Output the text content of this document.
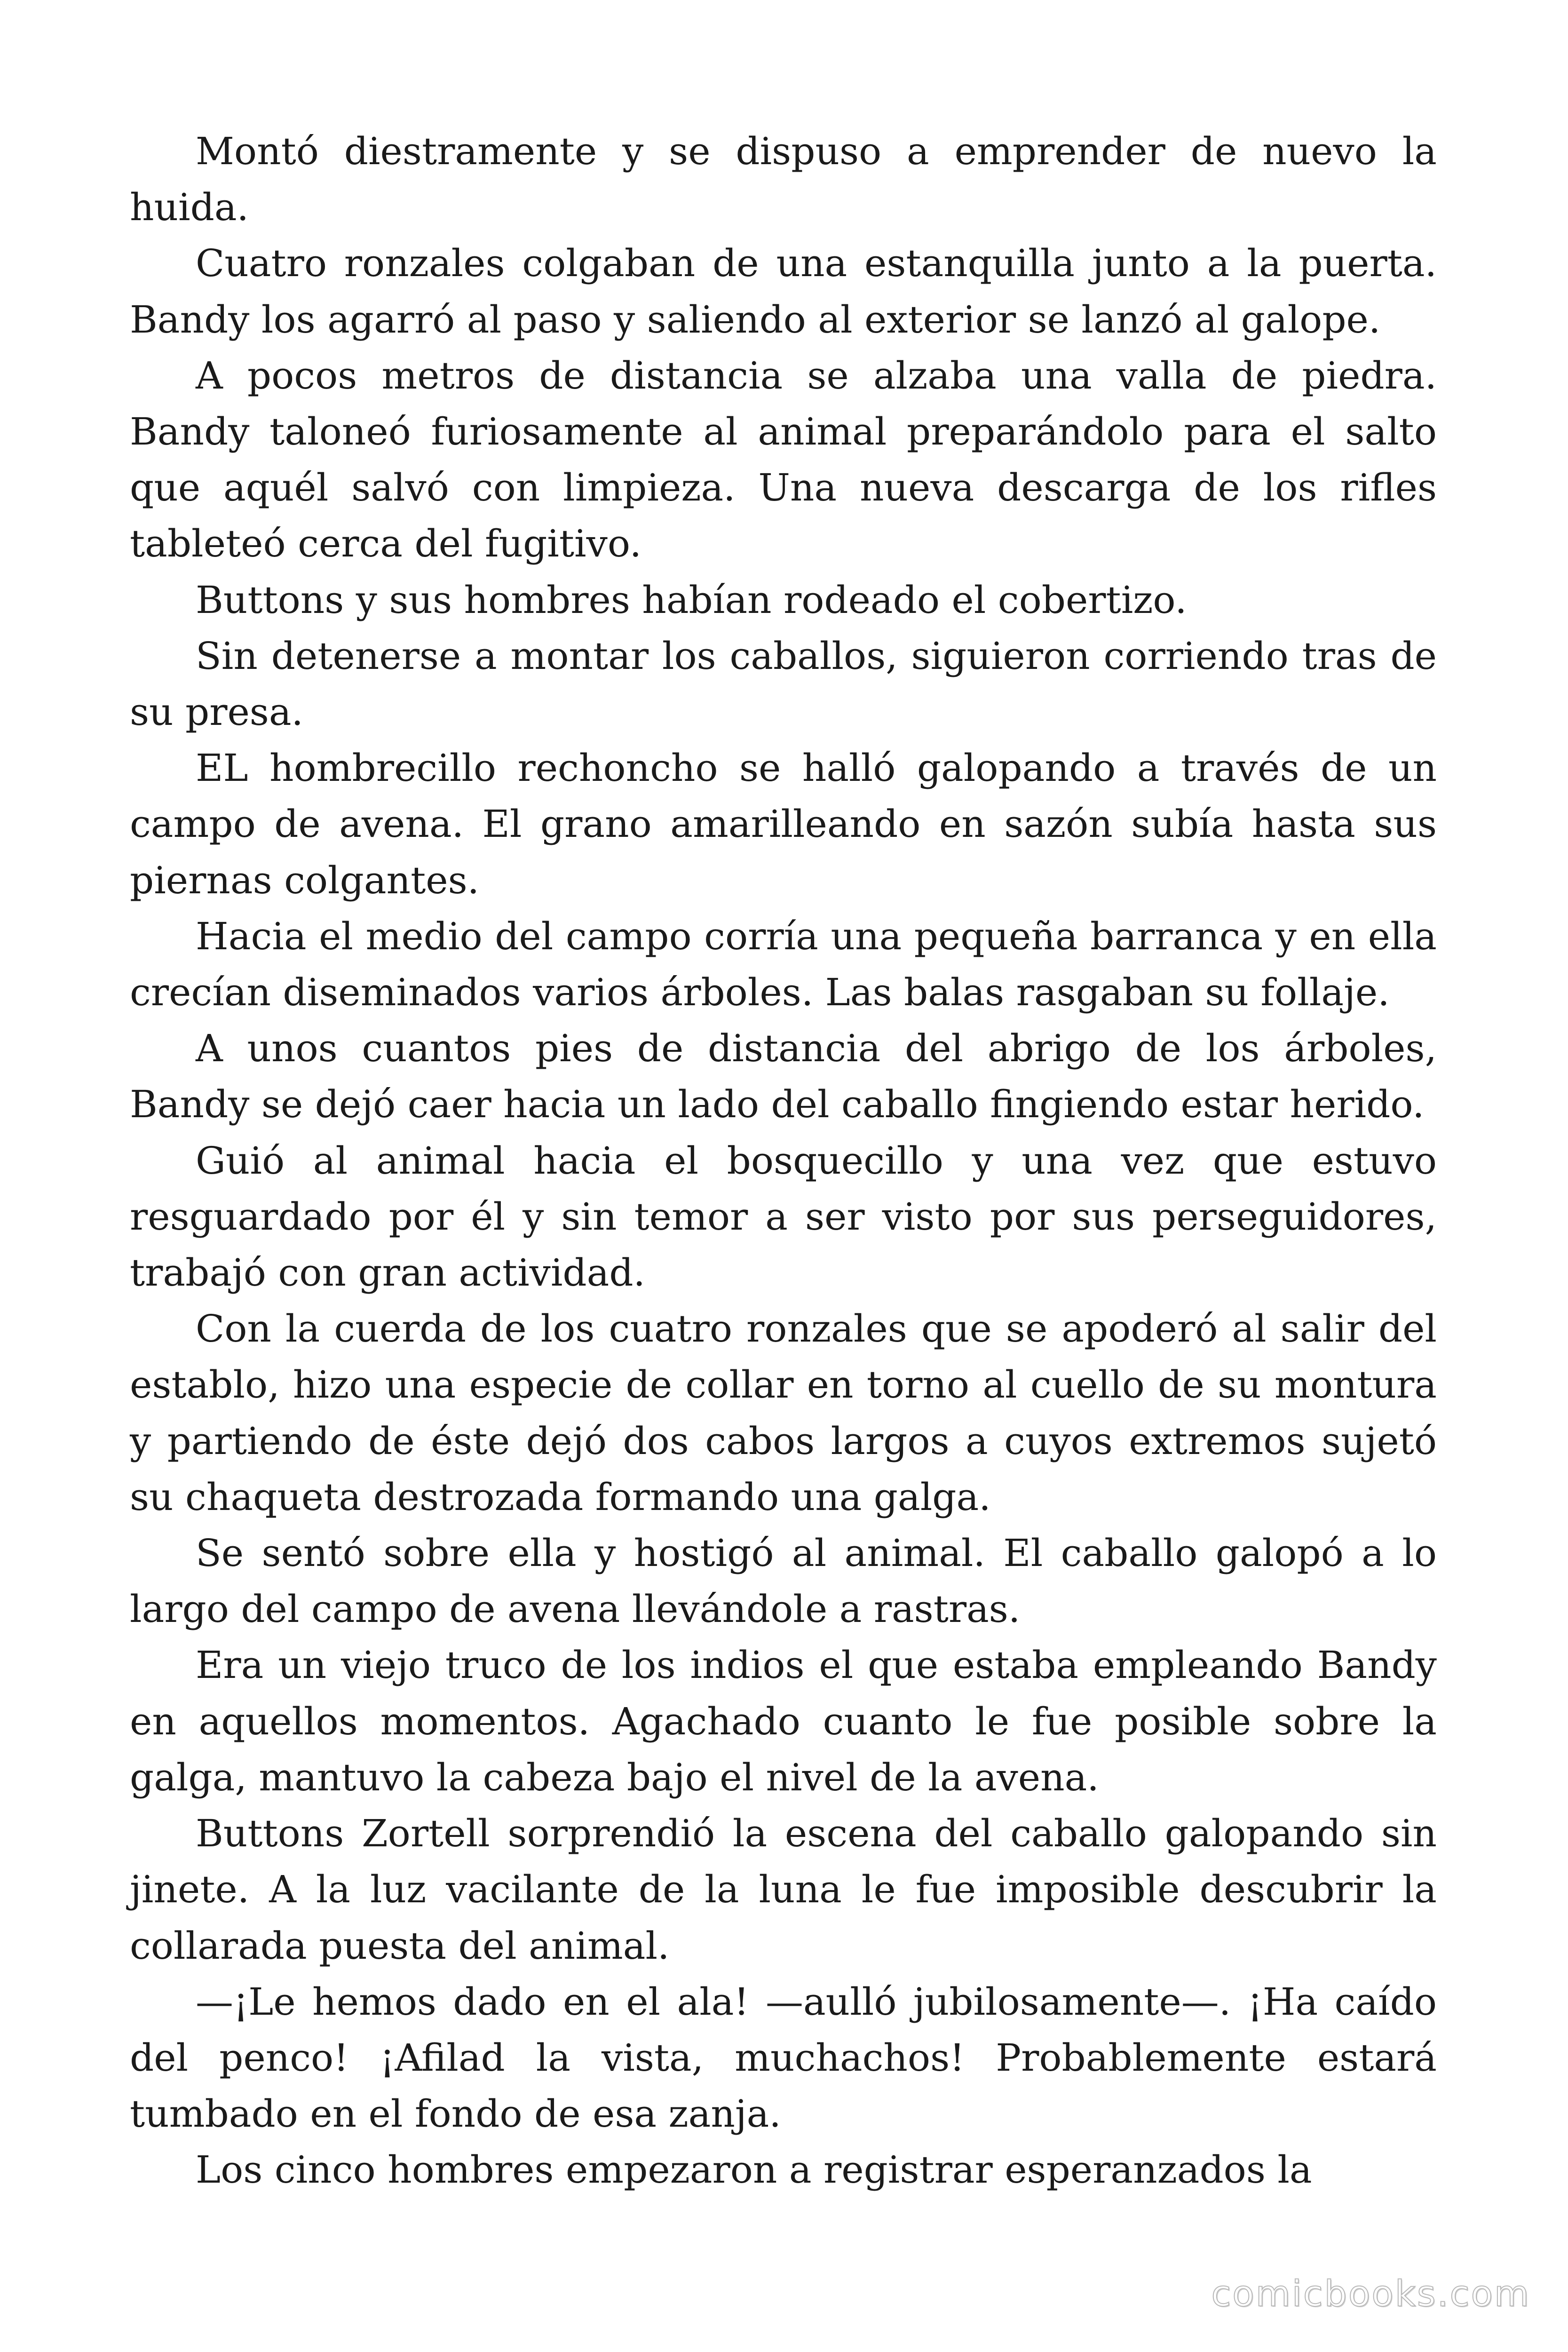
Montó diestramente y se dispuso a emprender de nuevo la huida.

Cuatro ronzales colgaban de una estanquilla junto a la puerta. Bandy los agarró al paso y saliendo al exterior se lanzó al galope.

A pocos metros de distancia se alzaba una valla de piedra. Bandy taloneó furiosamente al animal preparándolo para el salto que aquél salvó con limpieza. Una nueva descarga de los rifles tableteó cerca del fugitivo.

Buttons y sus hombres habían rodeado el cobertizo.

Sin detenerse a montar los caballos, siguieron corriendo tras de su presa.

EL hombrecillo rechoncho se halló galopando a través de un campo de avena. El grano amarilleando en sazón subía hasta sus piernas colgantes.

Hacia el medio del campo corría una pequeña barranca y en ella crecían diseminados varios árboles. Las balas rasgaban su follaje.

A unos cuantos pies de distancia del abrigo de los árboles, Bandy se dejó caer hacia un lado del caballo fingiendo estar herido.

Guió al animal hacia el bosquecillo y una vez que estuvo resguardado por él y sin temor a ser visto por sus perseguidores, trabajó con gran actividad.

Con la cuerda de los cuatro ronzales que se apoderó al salir del establo, hizo una especie de collar en torno al cuello de su montura y partiendo de éste dejó dos cabos largos a cuyos extremos sujetó su chaqueta destrozada formando una galga.

Se sentó sobre ella y hostigó al animal. El caballo galopó a lo largo del campo de avena llevándole a rastras.

Era un viejo truco de los indios el que estaba empleando Bandy en aquellos momentos. Agachado cuanto le fue posible sobre la galga, mantuvo la cabeza bajo el nivel de la avena.

Buttons Zortell sorprendió la escena del caballo galopando sin jinete. A la luz vacilante de la luna le fue imposible descubrir la collarada puesta del animal.

—¡Le hemos dado en el ala! —aulló jubilosamente—. ¡Ha caído del penco! ¡Afilad la vista, muchachos! Probablemente estará tumbado en el fondo de esa zanja.

Los cinco hombres empezaron a registrar esperanzados la

comicbooks.com
